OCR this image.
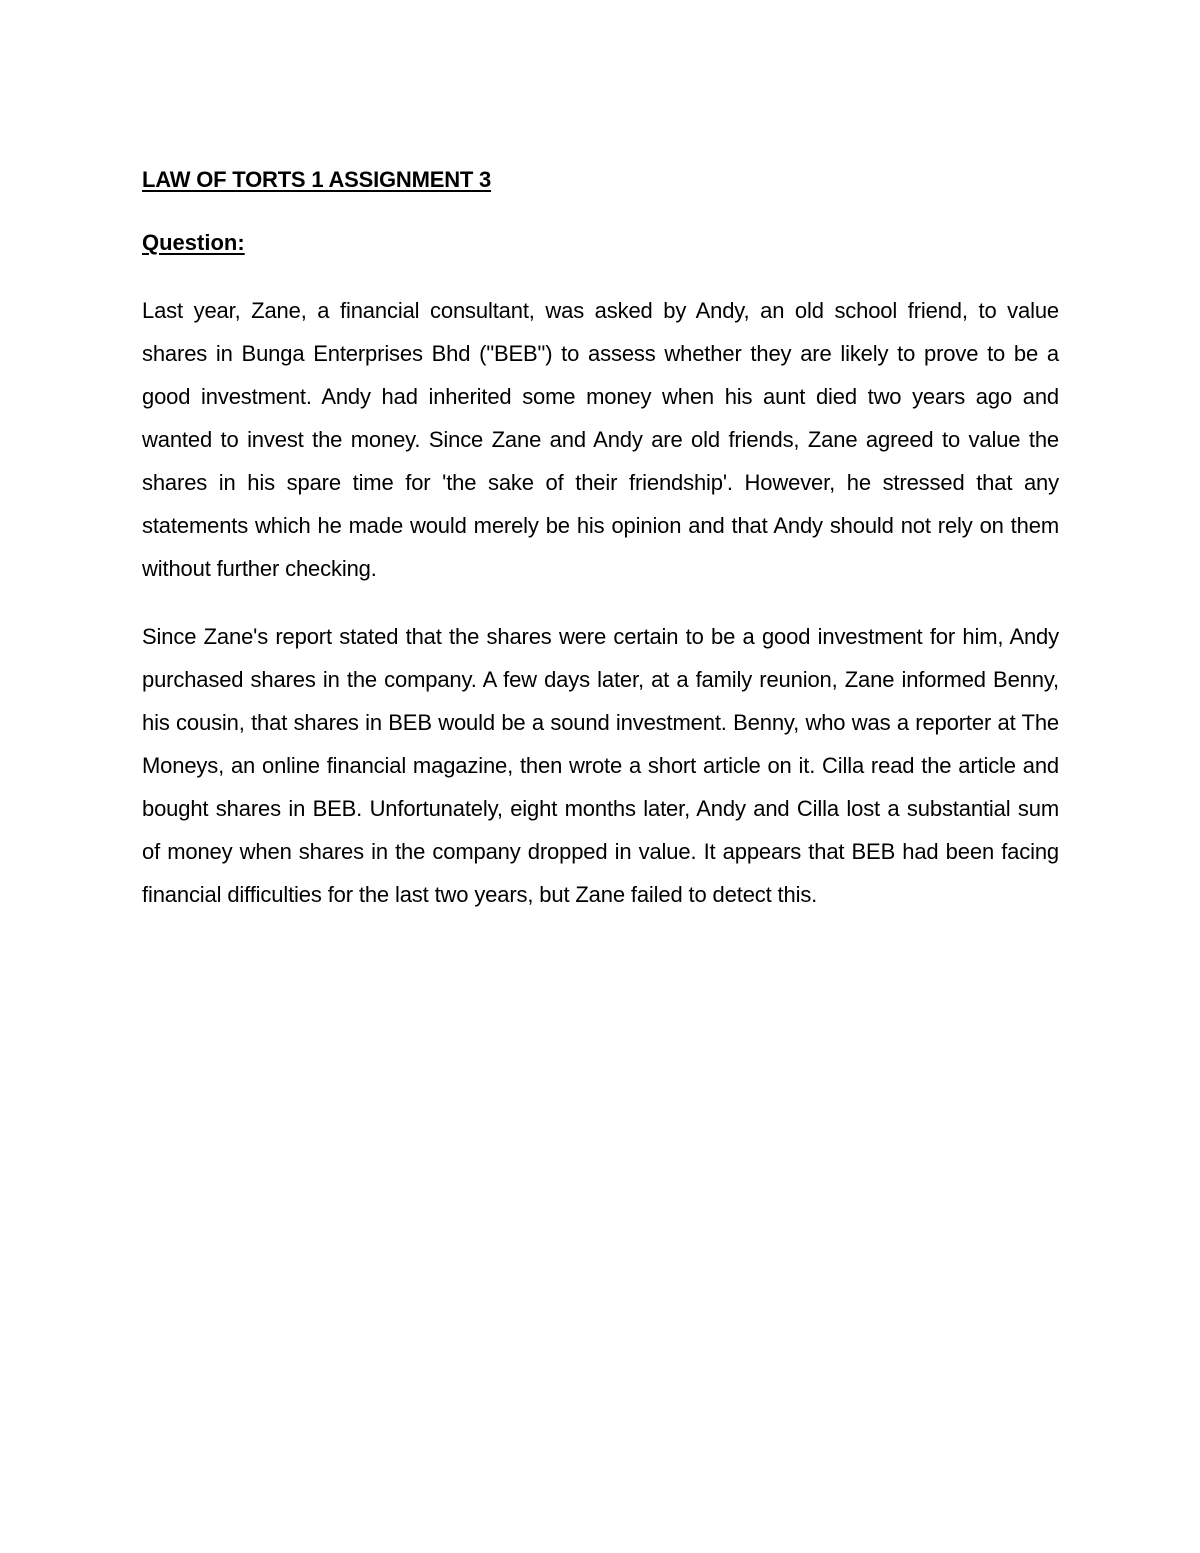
LAW OF TORTS 1 ASSIGNMENT 3
Question:

Last year, Zane, a financial consultant, was asked by Andy, an old school friend, to value shares in Bunga Enterprises Bhd ("BEB") to assess whether they are likely to prove to be a good investment. Andy had inherited some money when his aunt died two years ago and wanted to invest the money. Since Zane and Andy are old friends, Zane agreed to value the shares in his spare time for 'the sake of their friendship'. However, he stressed that any statements which he made would merely be his opinion and that Andy should not rely on them without further checking.

Since Zane's report stated that the shares were certain to be a good investment for him, Andy purchased shares in the company. A few days later, at a family reunion, Zane informed Benny, his cousin, that shares in BEB would be a sound investment. Benny, who was a reporter at The Moneys, an online financial magazine, then wrote a short article on it. Cilla read the article and bought shares in BEB. Unfortunately, eight months later, Andy and Cilla lost a substantial sum of money when shares in the company dropped in value. It appears that BEB had been facing financial difficulties for the last two years, but Zane failed to detect this.
